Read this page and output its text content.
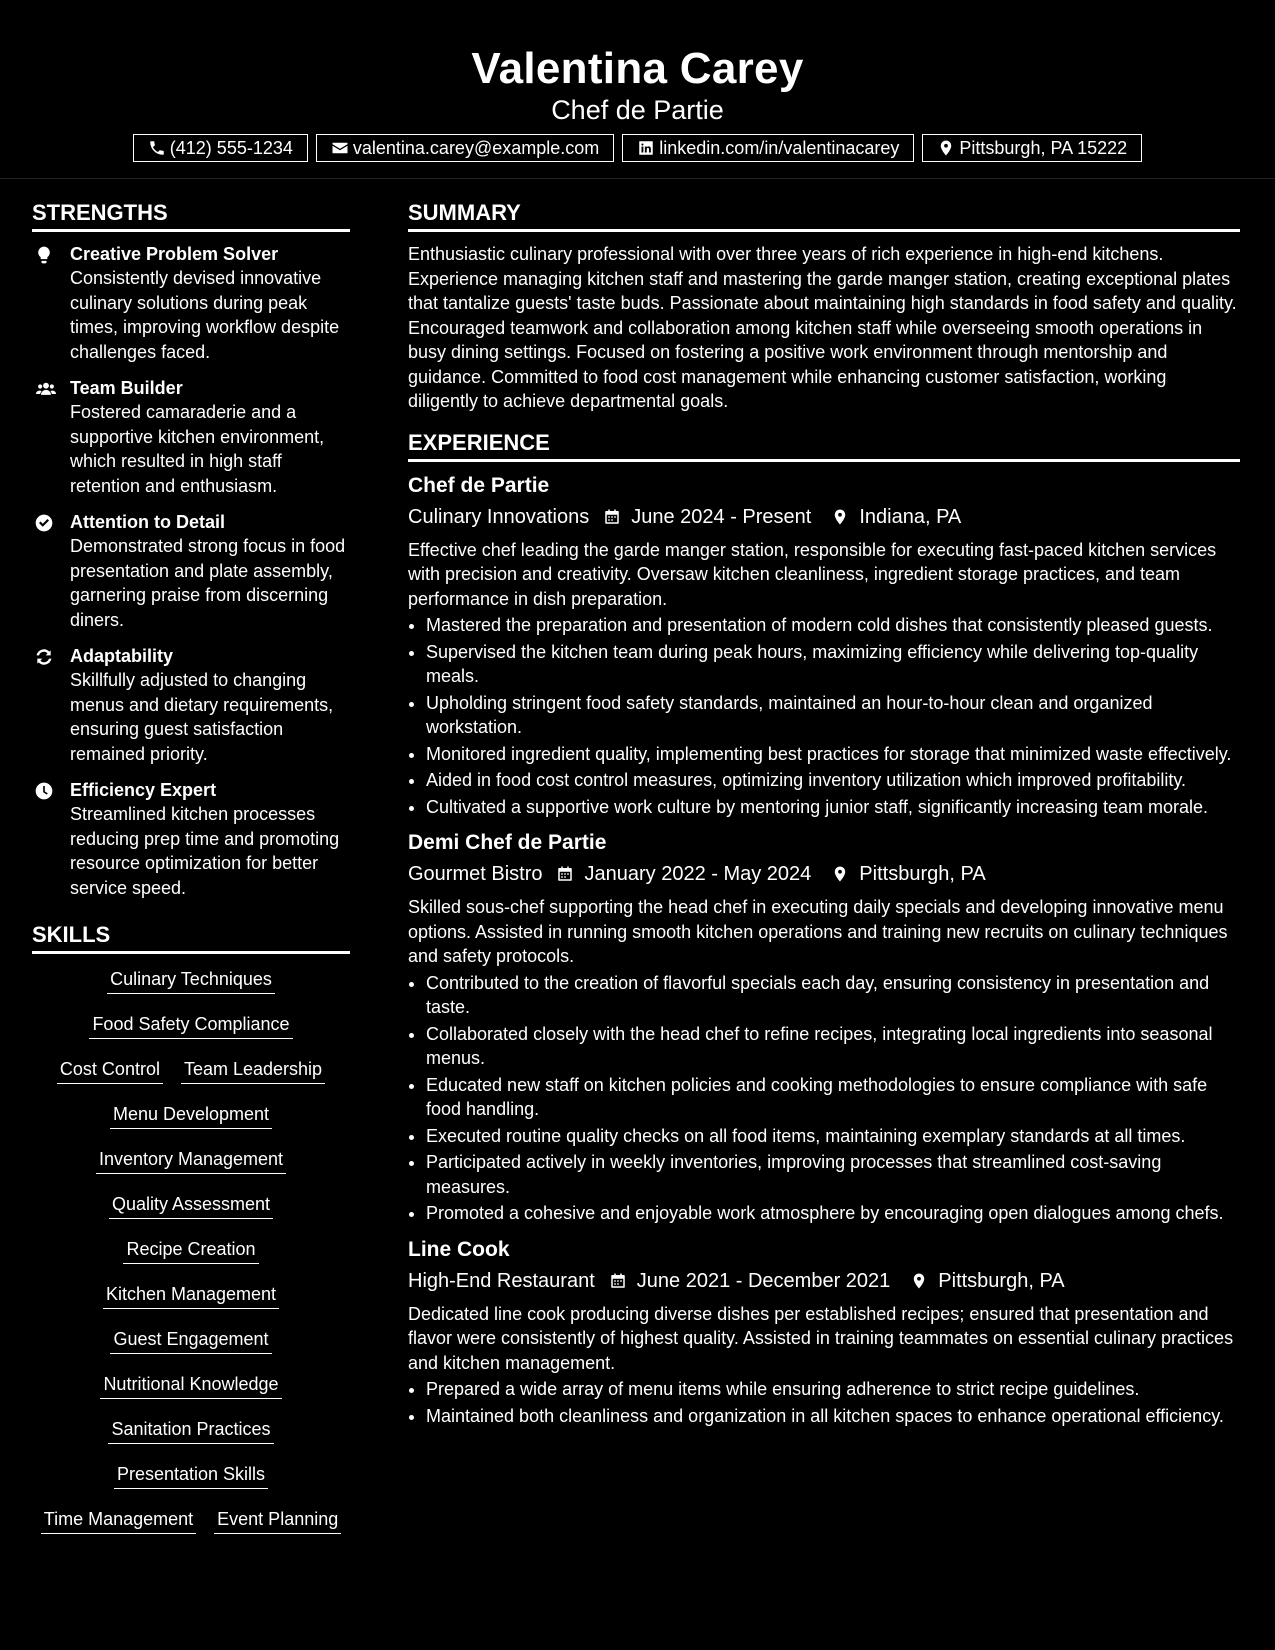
Valentina Carey
Chef de Partie
(412) 555-1234	valentina.carey@example.com	linkedin.com/in/valentinacarey	Pittsburgh, PA 15222
STRENGTHS
Creative Problem Solver
Consistently devised innovative culinary solutions during peak times, improving workflow despite challenges faced.
Team Builder
Fostered camaraderie and a supportive kitchen environment, which resulted in high staff retention and enthusiasm.
Attention to Detail
Demonstrated strong focus in food presentation and plate assembly, garnering praise from discerning diners.
Adaptability
Skillfully adjusted to changing menus and dietary requirements, ensuring guest satisfaction remained priority.
Efficiency Expert
Streamlined kitchen processes reducing prep time and promoting resource optimization for better service speed.
SKILLS
Culinary Techniques
Food Safety Compliance
Cost Control Team Leadership
Menu Development
Inventory Management
Quality Assessment
Recipe Creation
Kitchen Management
Guest Engagement
Nutritional Knowledge
Sanitation Practices
Presentation Skills
Time Management Event Planning
SUMMARY
Enthusiastic culinary professional with over three years of rich experience in high-end kitchens. Experience managing kitchen staff and mastering the garde manger station, creating exceptional plates that tantalize guests' taste buds. Passionate about maintaining high standards in food safety and quality. Encouraged teamwork and collaboration among kitchen staff while overseeing smooth operations in busy dining settings. Focused on fostering a positive work environment through mentorship and guidance. Committed to food cost management while enhancing customer satisfaction, working diligently to achieve departmental goals.
EXPERIENCE
Chef de Partie
Culinary Innovations June 2024 - Present Indiana, PA
Effective chef leading the garde manger station, responsible for executing fast-paced kitchen services with precision and creativity. Oversaw kitchen cleanliness, ingredient storage practices, and team performance in dish preparation.
• Mastered the preparation and presentation of modern cold dishes that consistently pleased guests.
• Supervised the kitchen team during peak hours, maximizing efficiency while delivering top-quality meals.
• Upholding stringent food safety standards, maintained an hour-to-hour clean and organized workstation.
• Monitored ingredient quality, implementing best practices for storage that minimized waste effectively.
• Aided in food cost control measures, optimizing inventory utilization which improved profitability.
• Cultivated a supportive work culture by mentoring junior staff, significantly increasing team morale.
Demi Chef de Partie
Gourmet Bistro January 2022 - May 2024 Pittsburgh, PA
Skilled sous-chef supporting the head chef in executing daily specials and developing innovative menu options. Assisted in running smooth kitchen operations and training new recruits on culinary techniques and safety protocols.
• Contributed to the creation of flavorful specials each day, ensuring consistency in presentation and taste.
• Collaborated closely with the head chef to refine recipes, integrating local ingredients into seasonal menus.
• Educated new staff on kitchen policies and cooking methodologies to ensure compliance with safe food handling.
• Executed routine quality checks on all food items, maintaining exemplary standards at all times.
• Participated actively in weekly inventories, improving processes that streamlined cost-saving measures.
• Promoted a cohesive and enjoyable work atmosphere by encouraging open dialogues among chefs.
Line Cook
High-End Restaurant June 2021 - December 2021 Pittsburgh, PA
Dedicated line cook producing diverse dishes per established recipes; ensured that presentation and flavor were consistently of highest quality. Assisted in training teammates on essential culinary practices and kitchen management.
• Prepared a wide array of menu items while ensuring adherence to strict recipe guidelines.
• Maintained both cleanliness and organization in all kitchen spaces to enhance operational efficiency.
